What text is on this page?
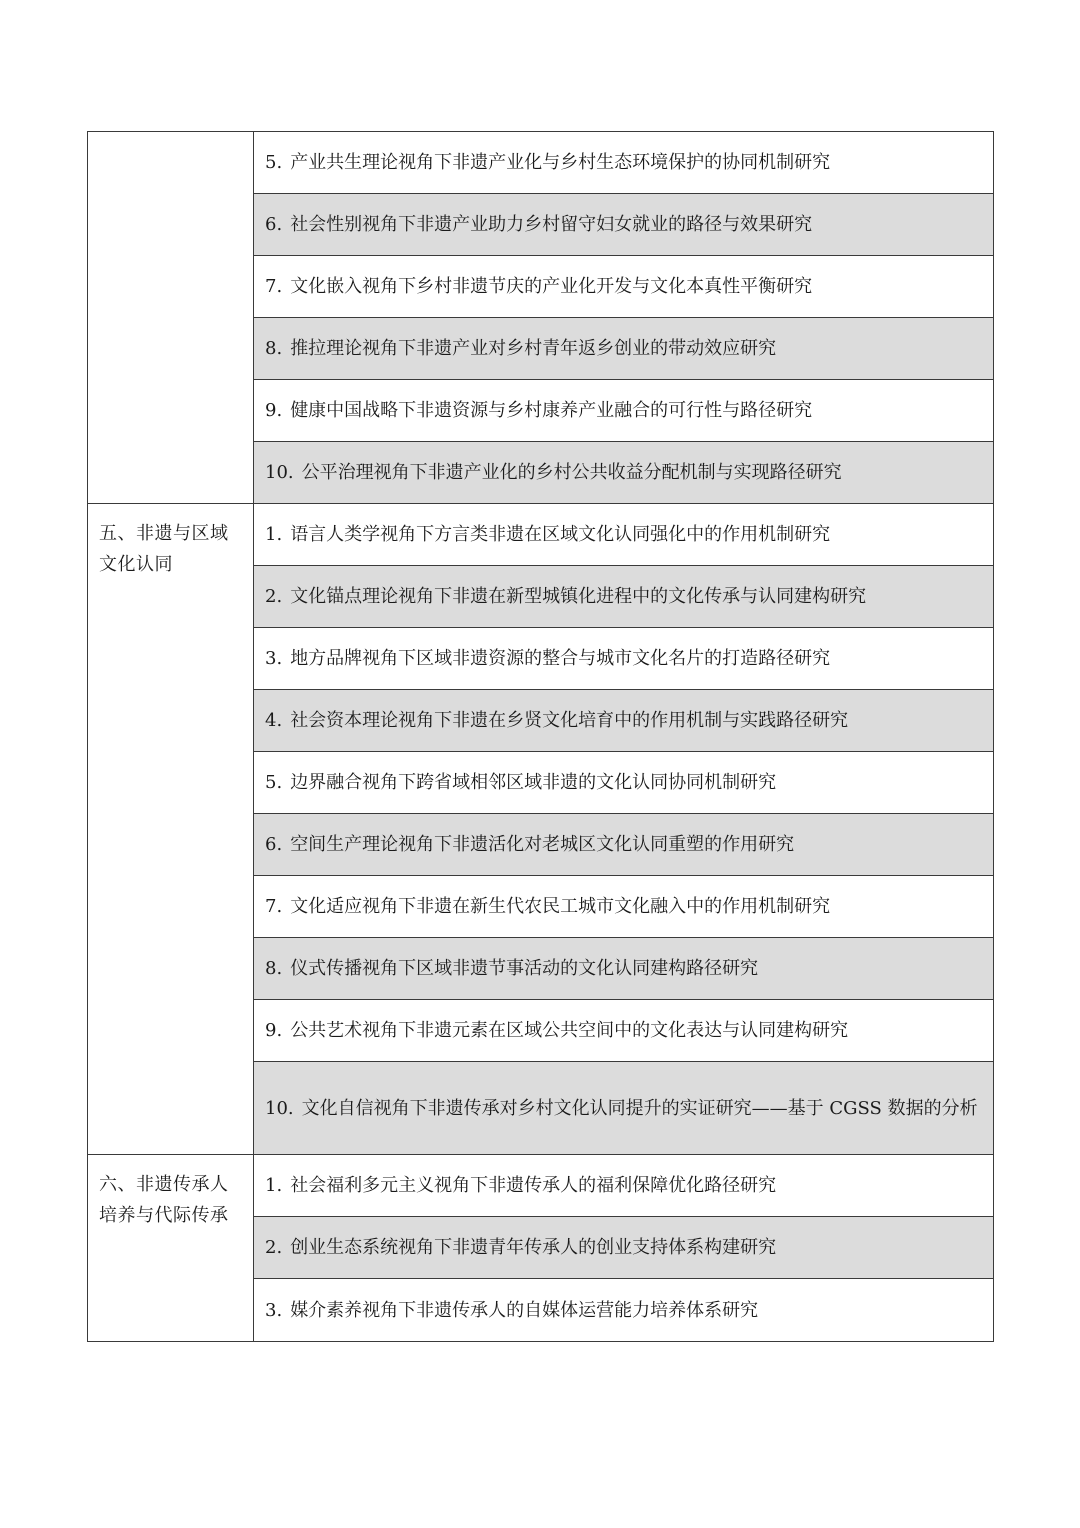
	5. 产业共生理论视角下非遗产业化与乡村生态环境保护的协同机制研究
	6. 社会性别视角下非遗产业助力乡村留守妇女就业的路径与效果研究
	7. 文化嵌入视角下乡村非遗节庆的产业化开发与文化本真性平衡研究
	8. 推拉理论视角下非遗产业对乡村青年返乡创业的带动效应研究
	9. 健康中国战略下非遗资源与乡村康养产业融合的可行性与路径研究
	10. 公平治理视角下非遗产业化的乡村公共收益分配机制与实现路径研究
五、非遗与区域文化认同	1. 语言人类学视角下方言类非遗在区域文化认同强化中的作用机制研究
	2. 文化锚点理论视角下非遗在新型城镇化进程中的文化传承与认同建构研究
	3. 地方品牌视角下区域非遗资源的整合与城市文化名片的打造路径研究
	4. 社会资本理论视角下非遗在乡贤文化培育中的作用机制与实践路径研究
	5. 边界融合视角下跨省域相邻区域非遗的文化认同协同机制研究
	6. 空间生产理论视角下非遗活化对老城区文化认同重塑的作用研究
	7. 文化适应视角下非遗在新生代农民工城市文化融入中的作用机制研究
	8. 仪式传播视角下区域非遗节事活动的文化认同建构路径研究
	9. 公共艺术视角下非遗元素在区域公共空间中的文化表达与认同建构研究
	10. 文化自信视角下非遗传承对乡村文化认同提升的实证研究——基于 CGSS 数据的分析
六、非遗传承人培养与代际传承	1. 社会福利多元主义视角下非遗传承人的福利保障优化路径研究
	2. 创业生态系统视角下非遗青年传承人的创业支持体系构建研究
	3. 媒介素养视角下非遗传承人的自媒体运营能力培养体系研究
